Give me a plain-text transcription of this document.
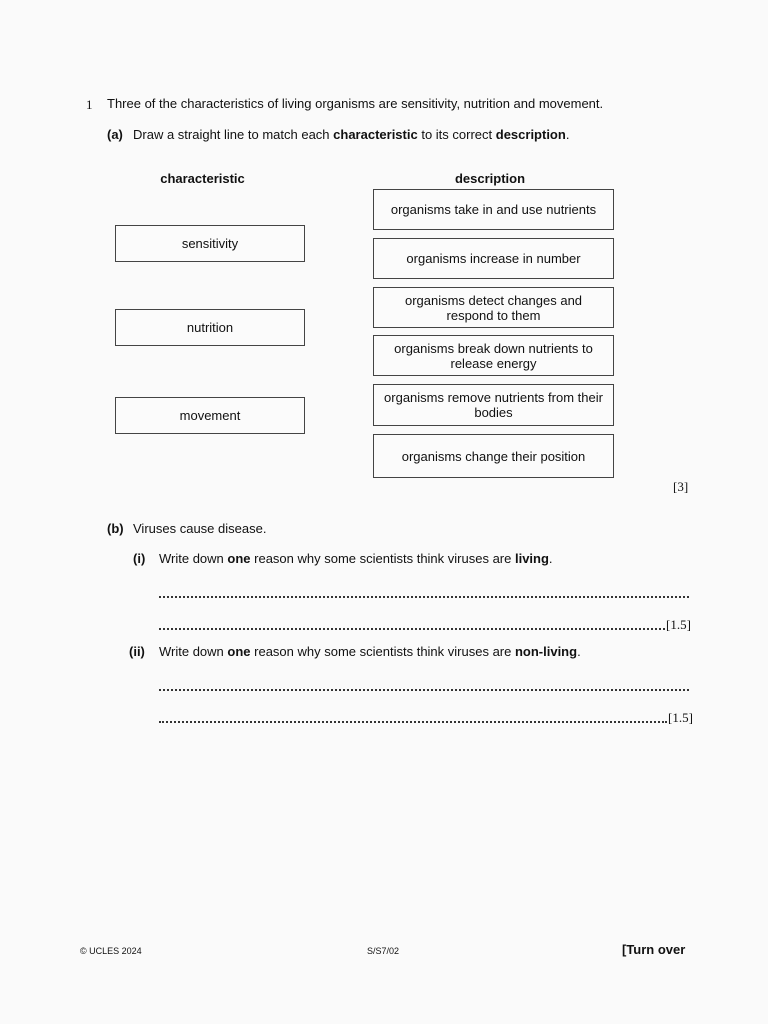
1 Three of the characteristics of living organisms are sensitivity, nutrition and movement.
(a) Draw a straight line to match each characteristic to its correct description.
characteristic	description
sensitivity
nutrition
movement
organisms take in and use nutrients
organisms increase in number
organisms detect changes and respond to them
organisms break down nutrients to release energy
organisms remove nutrients from their bodies
organisms change their position
[3]
(b) Viruses cause disease.
(i) Write down one reason why some scientists think viruses are living.
[1.5]
(ii) Write down one reason why some scientists think viruses are non-living.
[1.5]
© UCLES 2024	S/S7/02	[Turn over
